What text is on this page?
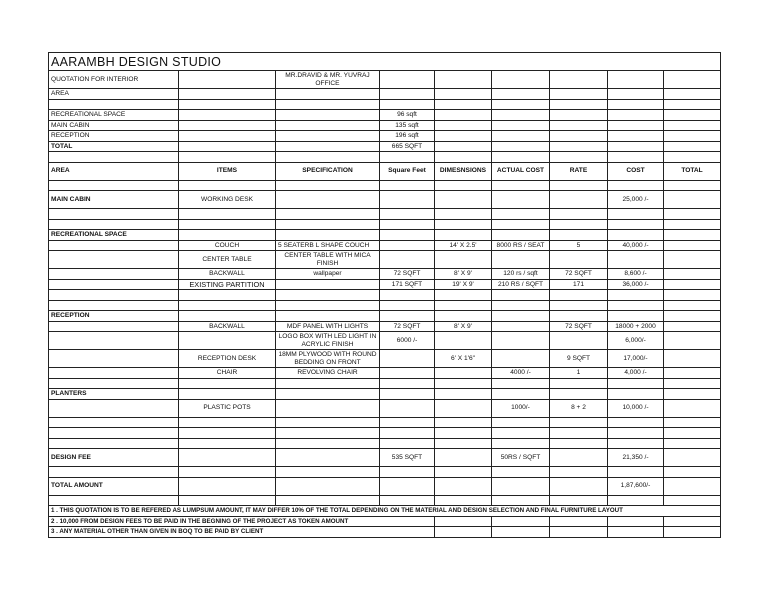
AARAMBH DESIGN STUDIO								
QUOTATION FOR INTERIOR		MR.DRAVID & MR. YUVRAJ OFFICE						
AREA								

RECREATIONAL SPACE			96 sqft					
MAIN CABIN			135 sqft					
RECEPTION			196 sqft					
TOTAL			665 SQFT					

AREA	ITEMS	SPECIFICATION	Square Feet	DIMESNSIONS	ACTUAL COST	RATE	COST	TOTAL

MAIN CABIN	WORKING DESK						25,000 /-	

RECREATIONAL SPACE								
	COUCH	5 SEATERB L SHAPE COUCH		14' X 2.5'	8000 RS / SEAT	5	40,000 /-	
	CENTER TABLE	CENTER TABLE WITH MICA FINISH						
	BACKWALL	wallpaper	72 SQFT	8' X 9'	120 rs / sqft	72 SQFT	8,600 /-	
	EXISTING PARTITION		171 SQFT	19' X 9'	210 RS / SQFT	171	36,000 /-	

RECEPTION								
	BACKWALL	MDF PANEL WITH LIGHTS	72 SQFT	8' X 9'		72 SQFT	18000 + 2000	
		LOGO BOX WITH LED LIGHT IN ACRYLIC FINISH	6000 /-				6,000/-	
	RECEPTION DESK	18MM PLYWOOD WITH ROUND BEDDING ON FRONT		6' X 1'6"		9 SQFT	17,000/-	
	CHAIR	REVOLVING CHAIR			4000 /-	1	4,000 /-	

PLANTERS								
	PLASTIC POTS				1000/-	8 + 2	10,000 /-	

DESIGN FEE			535 SQFT		50RS / SQFT		21,350 /-	

TOTAL AMOUNT							1,87,600/-	

1 . THIS QUOTATION IS TO BE REFERED AS LUMPSUM AMOUNT, IT MAY DIFFER 10% OF THE TOTAL DEPENDING ON THE MATERIAL AND DESIGN SELECTION AND FINAL FURNITURE LAYOUT								
2 . 10,000 FROM DESIGN FEES TO BE PAID IN THE BEGNING OF THE PROJECT AS TOKEN AMOUNT								
3 . ANY MATERIAL OTHER THAN GIVEN IN BOQ TO BE PAID BY CLIENT								
